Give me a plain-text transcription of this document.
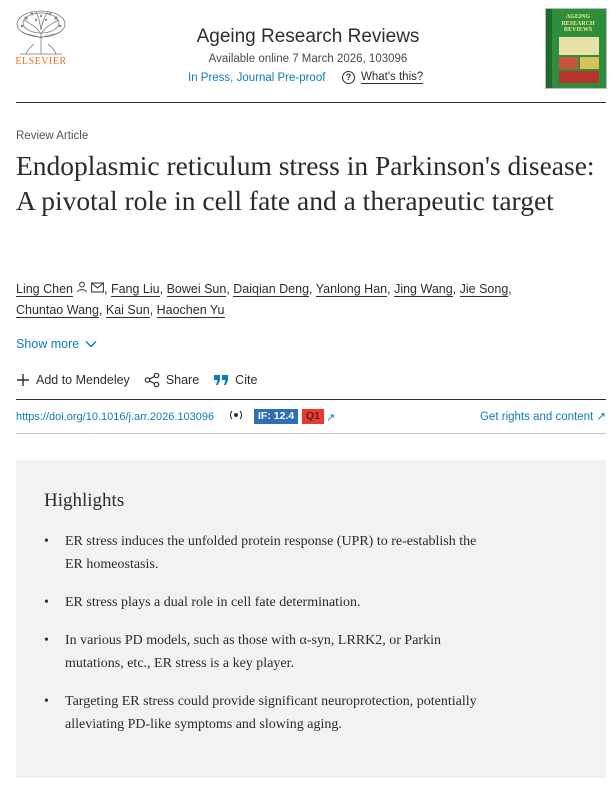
ELSEVIER
Ageing Research Reviews
Available online 7 March 2026, 103096
In Press, Journal Pre-proof	? What's this?
AGEING RESEARCH REVIEWS
Review Article
Endoplasmic reticulum stress in Parkinson's disease: A pivotal role in cell fate and a therapeutic target
Ling Chen , Fang Liu, Bowei Sun, Daiqian Deng, Yanlong Han, Jing Wang, Jie Song,
Chuntao Wang, Kai Sun, Haochen Yu
Show more
Add to Mendeley	Share	Cite
https://doi.org/10.1016/j.arr.2026.103096	IF: 12.4	Q1 ↗	Get rights and content ↗
Highlights
• ER stress induces the unfolded protein response (UPR) to re-establish the ER homeostasis.
• ER stress plays a dual role in cell fate determination.
• In various PD models, such as those with α-syn, LRRK2, or Parkin mutations, etc., ER stress is a key player.
• Targeting ER stress could provide significant neuroprotection, potentially alleviating PD-like symptoms and slowing aging.
